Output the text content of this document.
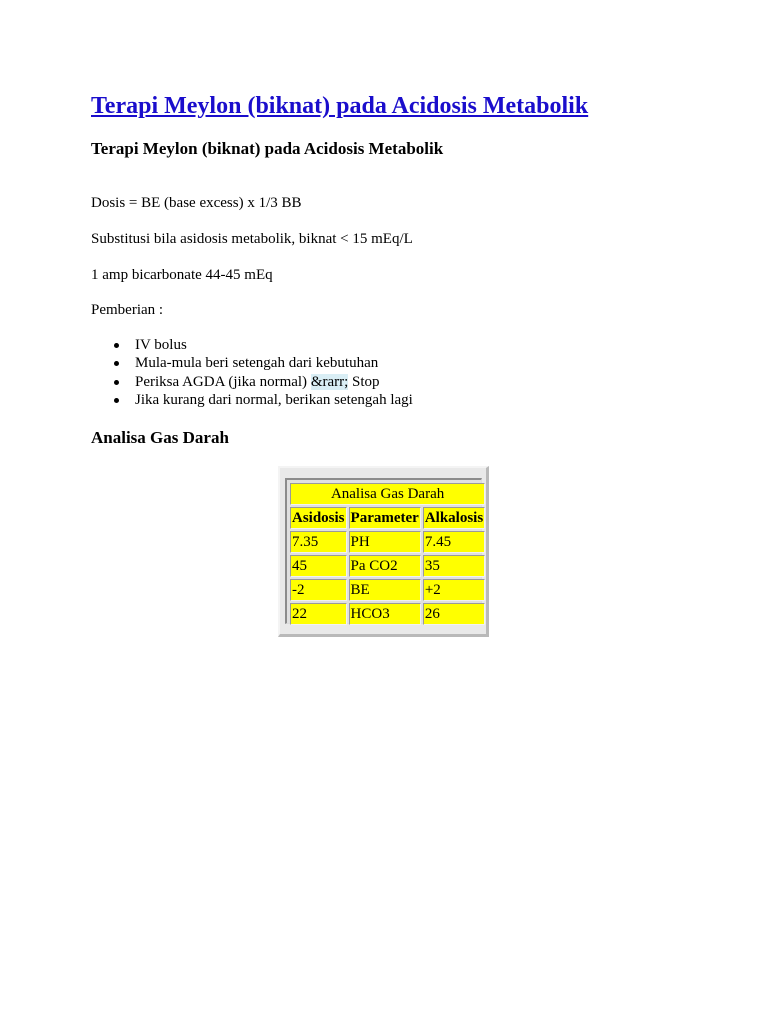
Terapi Meylon (biknat) pada Acidosis Metabolik
Terapi Meylon (biknat) pada Acidosis Metabolik

Dosis = BE (base excess) x 1/3 BB

Substitusi bila asidosis metabolik, biknat < 15 mEq/L

1 amp bicarbonate 44-45 mEq

Pemberian :

IV bolus
Mula-mula beri setengah dari kebutuhan
Periksa AGDA (jika normal) &rarr; Stop
Jika kurang dari normal, berikan setengah lagi
Analisa Gas Darah
Analisa Gas Darah		
Asidosis	Parameter	Alkalosis
7.35	PH	7.45
45	Pa CO2	35
-2	BE	+2
22	HCO3	26
